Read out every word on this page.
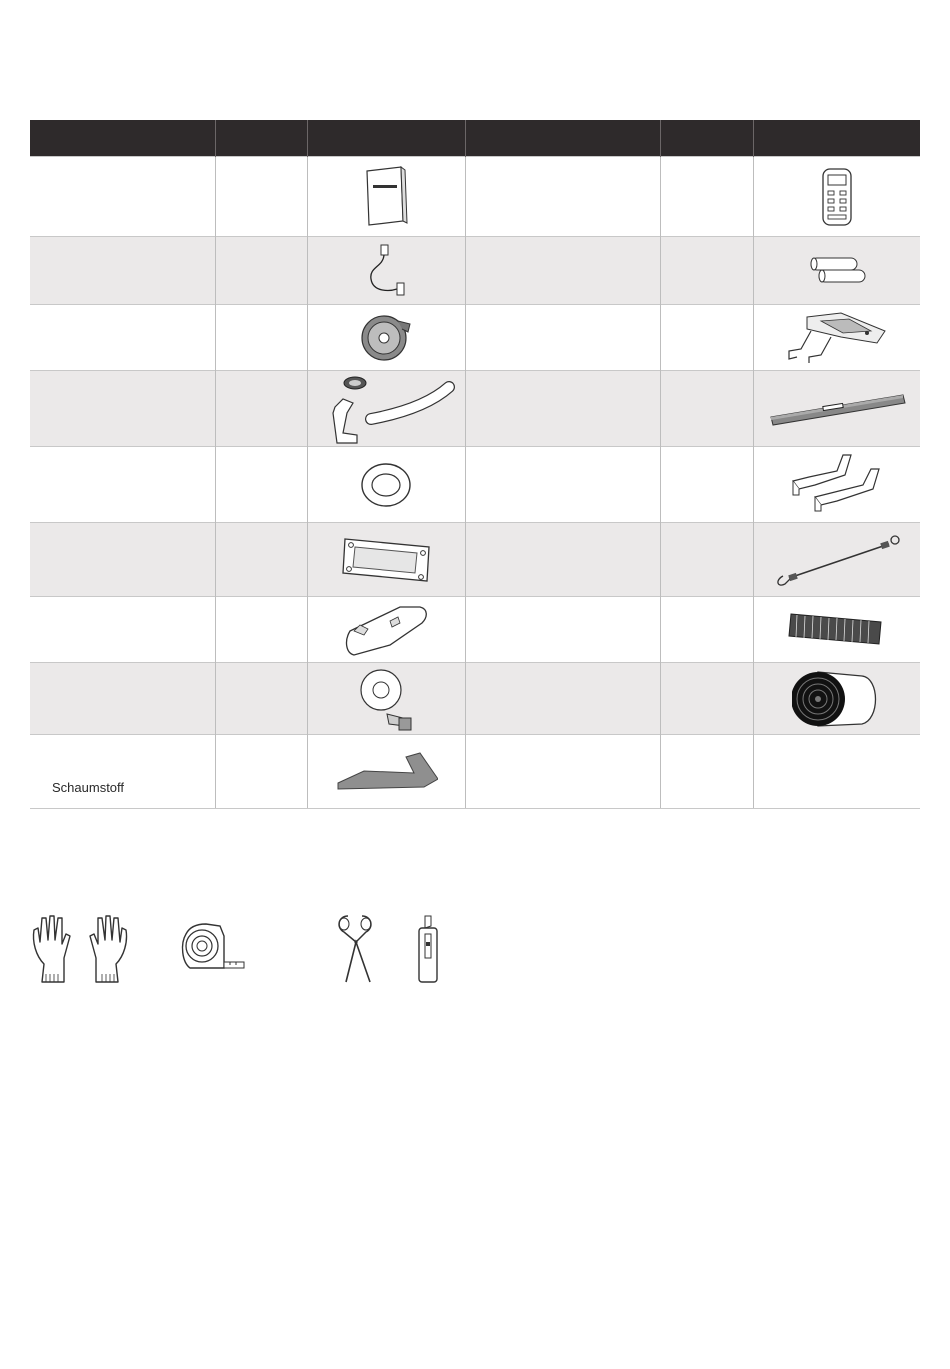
Schaumstoff
